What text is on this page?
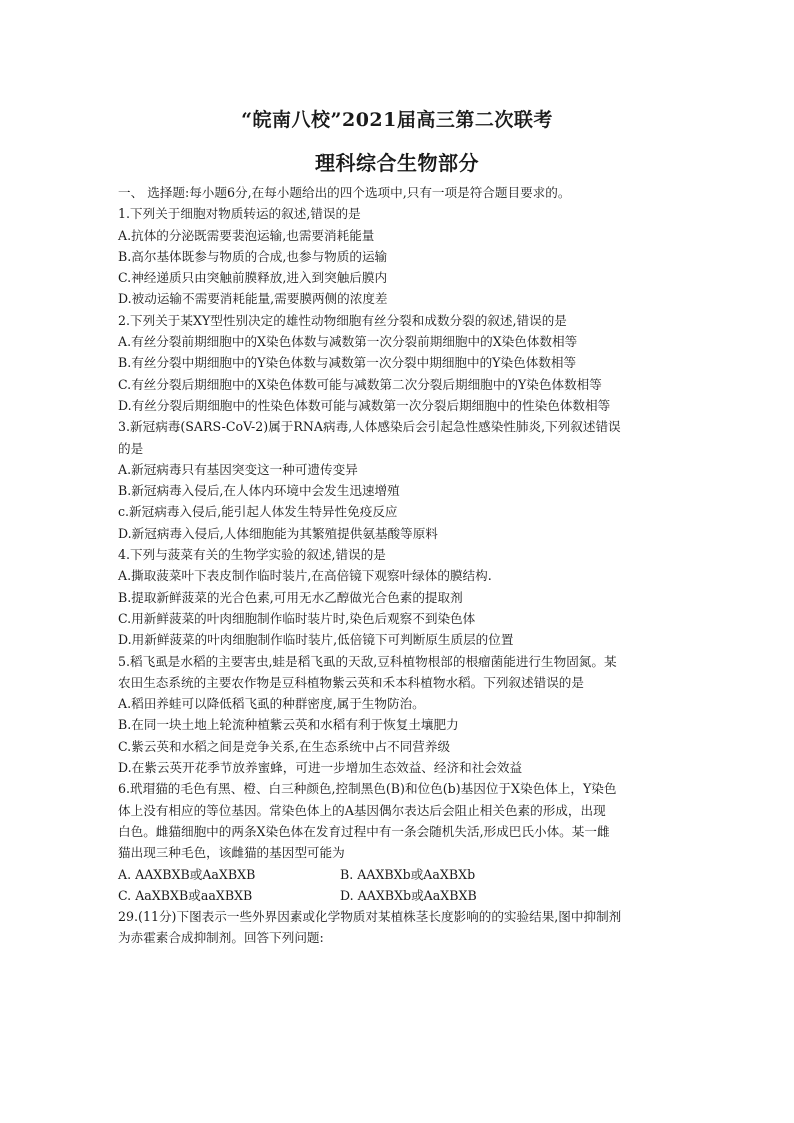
“皖南八校”2021届高三第二次联考
理科综合生物部分
一、 选择题:每小题6分,在每小题给出的四个选项中,只有一项是符合题目要求的。
1.下列关于细胞对物质转运的叙述,错误的是
A.抗体的分泌既需要裴泡运输,也需要消耗能量
B.高尔基体既参与物质的合成,也参与物质的运输
C.神经递质只由突触前膜释放,进入到突触后膜内
D.被动运输不需要消耗能量,需要膜两侧的浓度差
2.下列关于某XY型性别决定的雄性动物细胞有丝分裂和成数分裂的叙述,错误的是
A.有丝分裂前期细胞中的X染色体数与减数第一次分裂前期细胞中的X染色体数相等
B.有丝分裂中期细胞中的Y染色体数与减数第一次分裂中期细胞中的Y染色体数相等
C.有丝分裂后期细胞中的X染色体数可能与减数第二次分裂后期细胞中的Y染色体数相等
D.有丝分裂后期细胞中的性染色体数可能与减数第一次分裂后期细胞中的性染色体数相等
3.新冠病毒(SARS-CoV-2)属于RNA病毒,人体感染后会引起急性感染性肺炎,下列叙述错误
的是
A.新冠病毒只有基因突变这一种可遗传变异
B.新冠病毒入侵后,在人体内环境中会发生迅速增殖
c.新冠病毒入侵后,能引起人体发生特异性免疫反应
D.新冠病毒入侵后,人体细胞能为其繁殖提供氨基酸等原料
4.下列与菠菜有关的生物学实验的叙述,错误的是
A.撕取菠菜叶下表皮制作临时装片,在高倍镜下观察叶绿体的膜结构.
B.提取新鲜菠菜的光合色素,可用无水乙醇做光合色素的提取剂
C.用新鲜菠菜的叶肉细胞制作临时装片时,染色后观察不到染色体
D.用新鲜菠菜的叶肉细胞制作临时装片,低倍镜下可判断原生质层的位置
5.稻飞虱是水稻的主要害虫,蛙是稻飞虱的天敌,豆科植物根部的根瘤菌能进行生物固氮。某
农田生态系统的主要农作物是豆科植物紫云英和禾本科植物水稻。下列叙述错误的是
A.稻田养蛙可以降低稻飞虱的种群密度,属于生物防治。
B.在同一块土地上轮流种植紫云英和水稻有利于恢复土壤肥力
C.紫云英和水稻之间是竞争关系,在生态系统中占不同营养级
D.在紫云英开花季节放养蜜蜂，可进一步增加生态效益、经济和社会效益
6.玳瑁猫的毛色有黑、橙、白三种颜色,控制黑色(B)和位色(b)基因位于X染色体上，Y染色
体上没有相应的等位基因。常染色体上的A基因偶尔表达后会阻止相关色素的形成，出现
白色。雌猫细胞中的两条X染色体在发育过程中有一条会随机失活,形成巴氏小体。某一雌
猫出现三种毛色，该雌猫的基因型可能为
A. AAXBXB或AaXBXB	B. AAXBXb或AaXBXb
C. AaXBXB或aaXBXB	D. AAXBXb或AaXBXB
29.(11分)下图表示一些外界因素或化学物质对某植株茎长度影响的的实验结果,图中抑制剂
为赤霍素合成抑制剂。回答下列问题:
